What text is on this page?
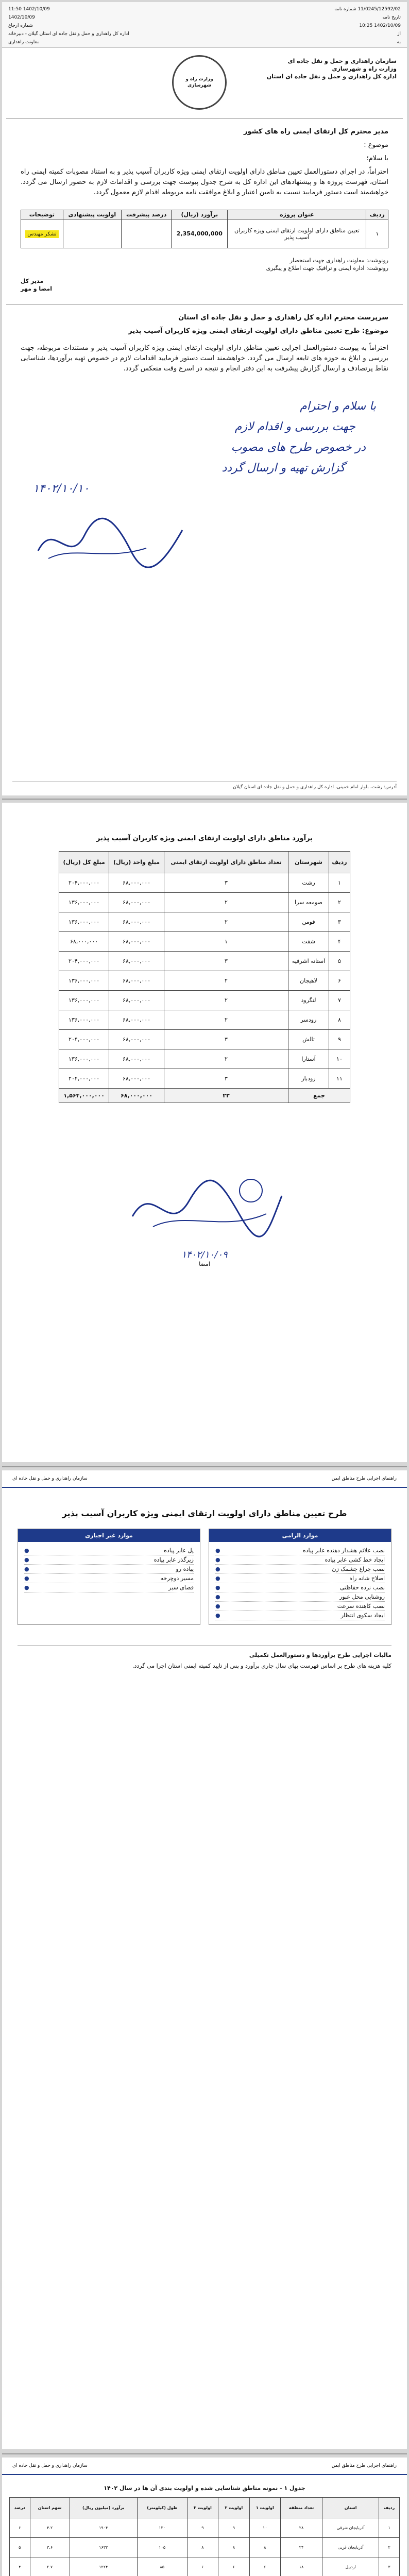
11/0245/12592/02 شماره نامه
1402/10/09 11:50
تاریخ نامه
1402/10/09
1402/10/09 10:25
شماره ارجاع
از
اداره کل راهداری و حمل و نقل جاده ای استان گیلان - دبیرخانه
به
معاونت راهداری
سازمان راهداری و حمل و نقل جاده ای
وزارت راه و شهرسازی
اداره کل راهداری و حمل و نقل جاده ای استان
وزارت راه و شهرسازی
مدیر محترم کل ارتقای ایمنی راه های کشور
موضوع :
با سلام؛

احتراماً، در اجرای دستورالعمل تعیین مناطق دارای اولویت ارتقای ایمنی ویژه کاربران آسیب پذیر و به استناد مصوبات کمیته ایمنی راه استان، فهرست پروژه ها و پیشنهادهای این اداره کل به شرح جدول پیوست جهت بررسی و اقدامات لازم به حضور ارسال می گردد. خواهشمند است دستور فرمایید نسبت به تامین اعتبار و ابلاغ موافقت نامه مربوطه اقدام لازم معمول گردد.

ردیف	عنوان پروژه	برآورد (ریال)	درصد پیشرفت	اولویت پیشنهادی	توضیحات
۱	تعیین مناطق دارای اولویت ارتقای ایمنی ویژه کاربران آسیب پذیر	2,354,000,000			تشکر مهندس
رونوشت: معاونت راهداری جهت استحضار
رونوشت: اداره ایمنی و ترافیک جهت اطلاع و پیگیری
مدیر کل
امضا و مهر
سرپرست محترم اداره کل راهداری و حمل و نقل جاده ای استان
موضوع: طرح تعیین مناطق دارای اولویت ارتقای ایمنی ویژه کاربران آسیب پذیر

احتراماً به پیوست دستورالعمل اجرایی تعیین مناطق دارای اولویت ارتقای ایمنی ویژه کاربران آسیب پذیر و مستندات مربوطه، جهت بررسی و ابلاغ به حوزه های تابعه ارسال می گردد. خواهشمند است دستور فرمایید اقدامات لازم در خصوص تهیه برآوردها، شناسایی نقاط پرتصادف و ارسال گزارش پیشرفت به این دفتر انجام و نتیجه در اسرع وقت منعکس گردد.

با سلام و احترام
جهت بررسی و اقدام لازم
در خصوص طرح های مصوب
گزارش تهیه و ارسال گردد
۱۴۰۲/۱۰/۱۰
آدرس: رشت، بلوار امام خمینی، اداره کل راهداری و حمل و نقل جاده ای استان گیلان
برآورد مناطق دارای اولویت ارتقای ایمنی ویژه کاربران آسیب پذیر
ردیف	شهرستان	تعداد مناطق دارای اولویت ارتقای ایمنی	مبلغ واحد (ریال)	مبلغ کل (ریال)
۱	رشت	۳	۶۸,۰۰۰,۰۰۰	۲۰۴,۰۰۰,۰۰۰
۲	صومعه سرا	۲	۶۸,۰۰۰,۰۰۰	۱۳۶,۰۰۰,۰۰۰
۳	فومن	۲	۶۸,۰۰۰,۰۰۰	۱۳۶,۰۰۰,۰۰۰
۴	شفت	۱	۶۸,۰۰۰,۰۰۰	۶۸,۰۰۰,۰۰۰
۵	آستانه اشرفیه	۳	۶۸,۰۰۰,۰۰۰	۲۰۴,۰۰۰,۰۰۰
۶	لاهیجان	۲	۶۸,۰۰۰,۰۰۰	۱۳۶,۰۰۰,۰۰۰
۷	لنگرود	۲	۶۸,۰۰۰,۰۰۰	۱۳۶,۰۰۰,۰۰۰
۸	رودسر	۲	۶۸,۰۰۰,۰۰۰	۱۳۶,۰۰۰,۰۰۰
۹	تالش	۳	۶۸,۰۰۰,۰۰۰	۲۰۴,۰۰۰,۰۰۰
۱۰	آستارا	۲	۶۸,۰۰۰,۰۰۰	۱۳۶,۰۰۰,۰۰۰
۱۱	رودبار	۳	۶۸,۰۰۰,۰۰۰	۲۰۴,۰۰۰,۰۰۰
جمع		۲۳	۶۸,۰۰۰,۰۰۰	۱,۵۶۴,۰۰۰,۰۰۰
۱۴۰۲/۱۰/۰۹
امضا
راهنمای اجرایی طرح مناطق ایمن
سازمان راهداری و حمل و نقل جاده ای
طرح تعیین مناطق دارای اولویت ارتقای ایمنی ویژه کاربران آسیب پذیر
موارد الزامی
نصب علائم هشدار دهنده عابر پیاده
●
ایجاد خط کشی عابر پیاده
●
نصب چراغ چشمک زن
●
اصلاح شانه راه
●
نصب نرده حفاظتی
●
روشنایی محل عبور
●
نصب کاهنده سرعت
●
ایجاد سکوی انتظار
●
موارد غیر اجباری
پل عابر پیاده
●
زیرگذر عابر پیاده
●
پیاده رو
●
مسیر دوچرخه
●
فضای سبز
●
مالیات اجرایی طرح برآوردها و دستورالعمل تکمیلی
کلیه هزینه های طرح بر اساس فهرست بهای سال جاری برآورد و پس از تایید کمیته ایمنی استان اجرا می گردد.
راهنمای اجرایی طرح مناطق ایمن
سازمان راهداری و حمل و نقل جاده ای
جدول ۱ - نمونه مناطق شناسایی شده و اولویت بندی آن ها در سال ۱۴۰۲
ردیف	استان	تعداد منطقه	اولویت ۱	اولویت ۲	اولویت ۳	طول (کیلومتر)	برآورد (میلیون ریال)	سهم استان	درصد
۱	آذربایجان شرقی	۲۸	۱۰	۹	۹	۱۲۰	۱۹۰۴	۴.۲	۶
۲	آذربایجان غربی	۲۴	۸	۸	۸	۱۰۵	۱۶۳۲	۳.۶	۵
۳	اردبیل	۱۸	۶	۶	۶	۸۵	۱۲۲۴	۲.۷	۴
